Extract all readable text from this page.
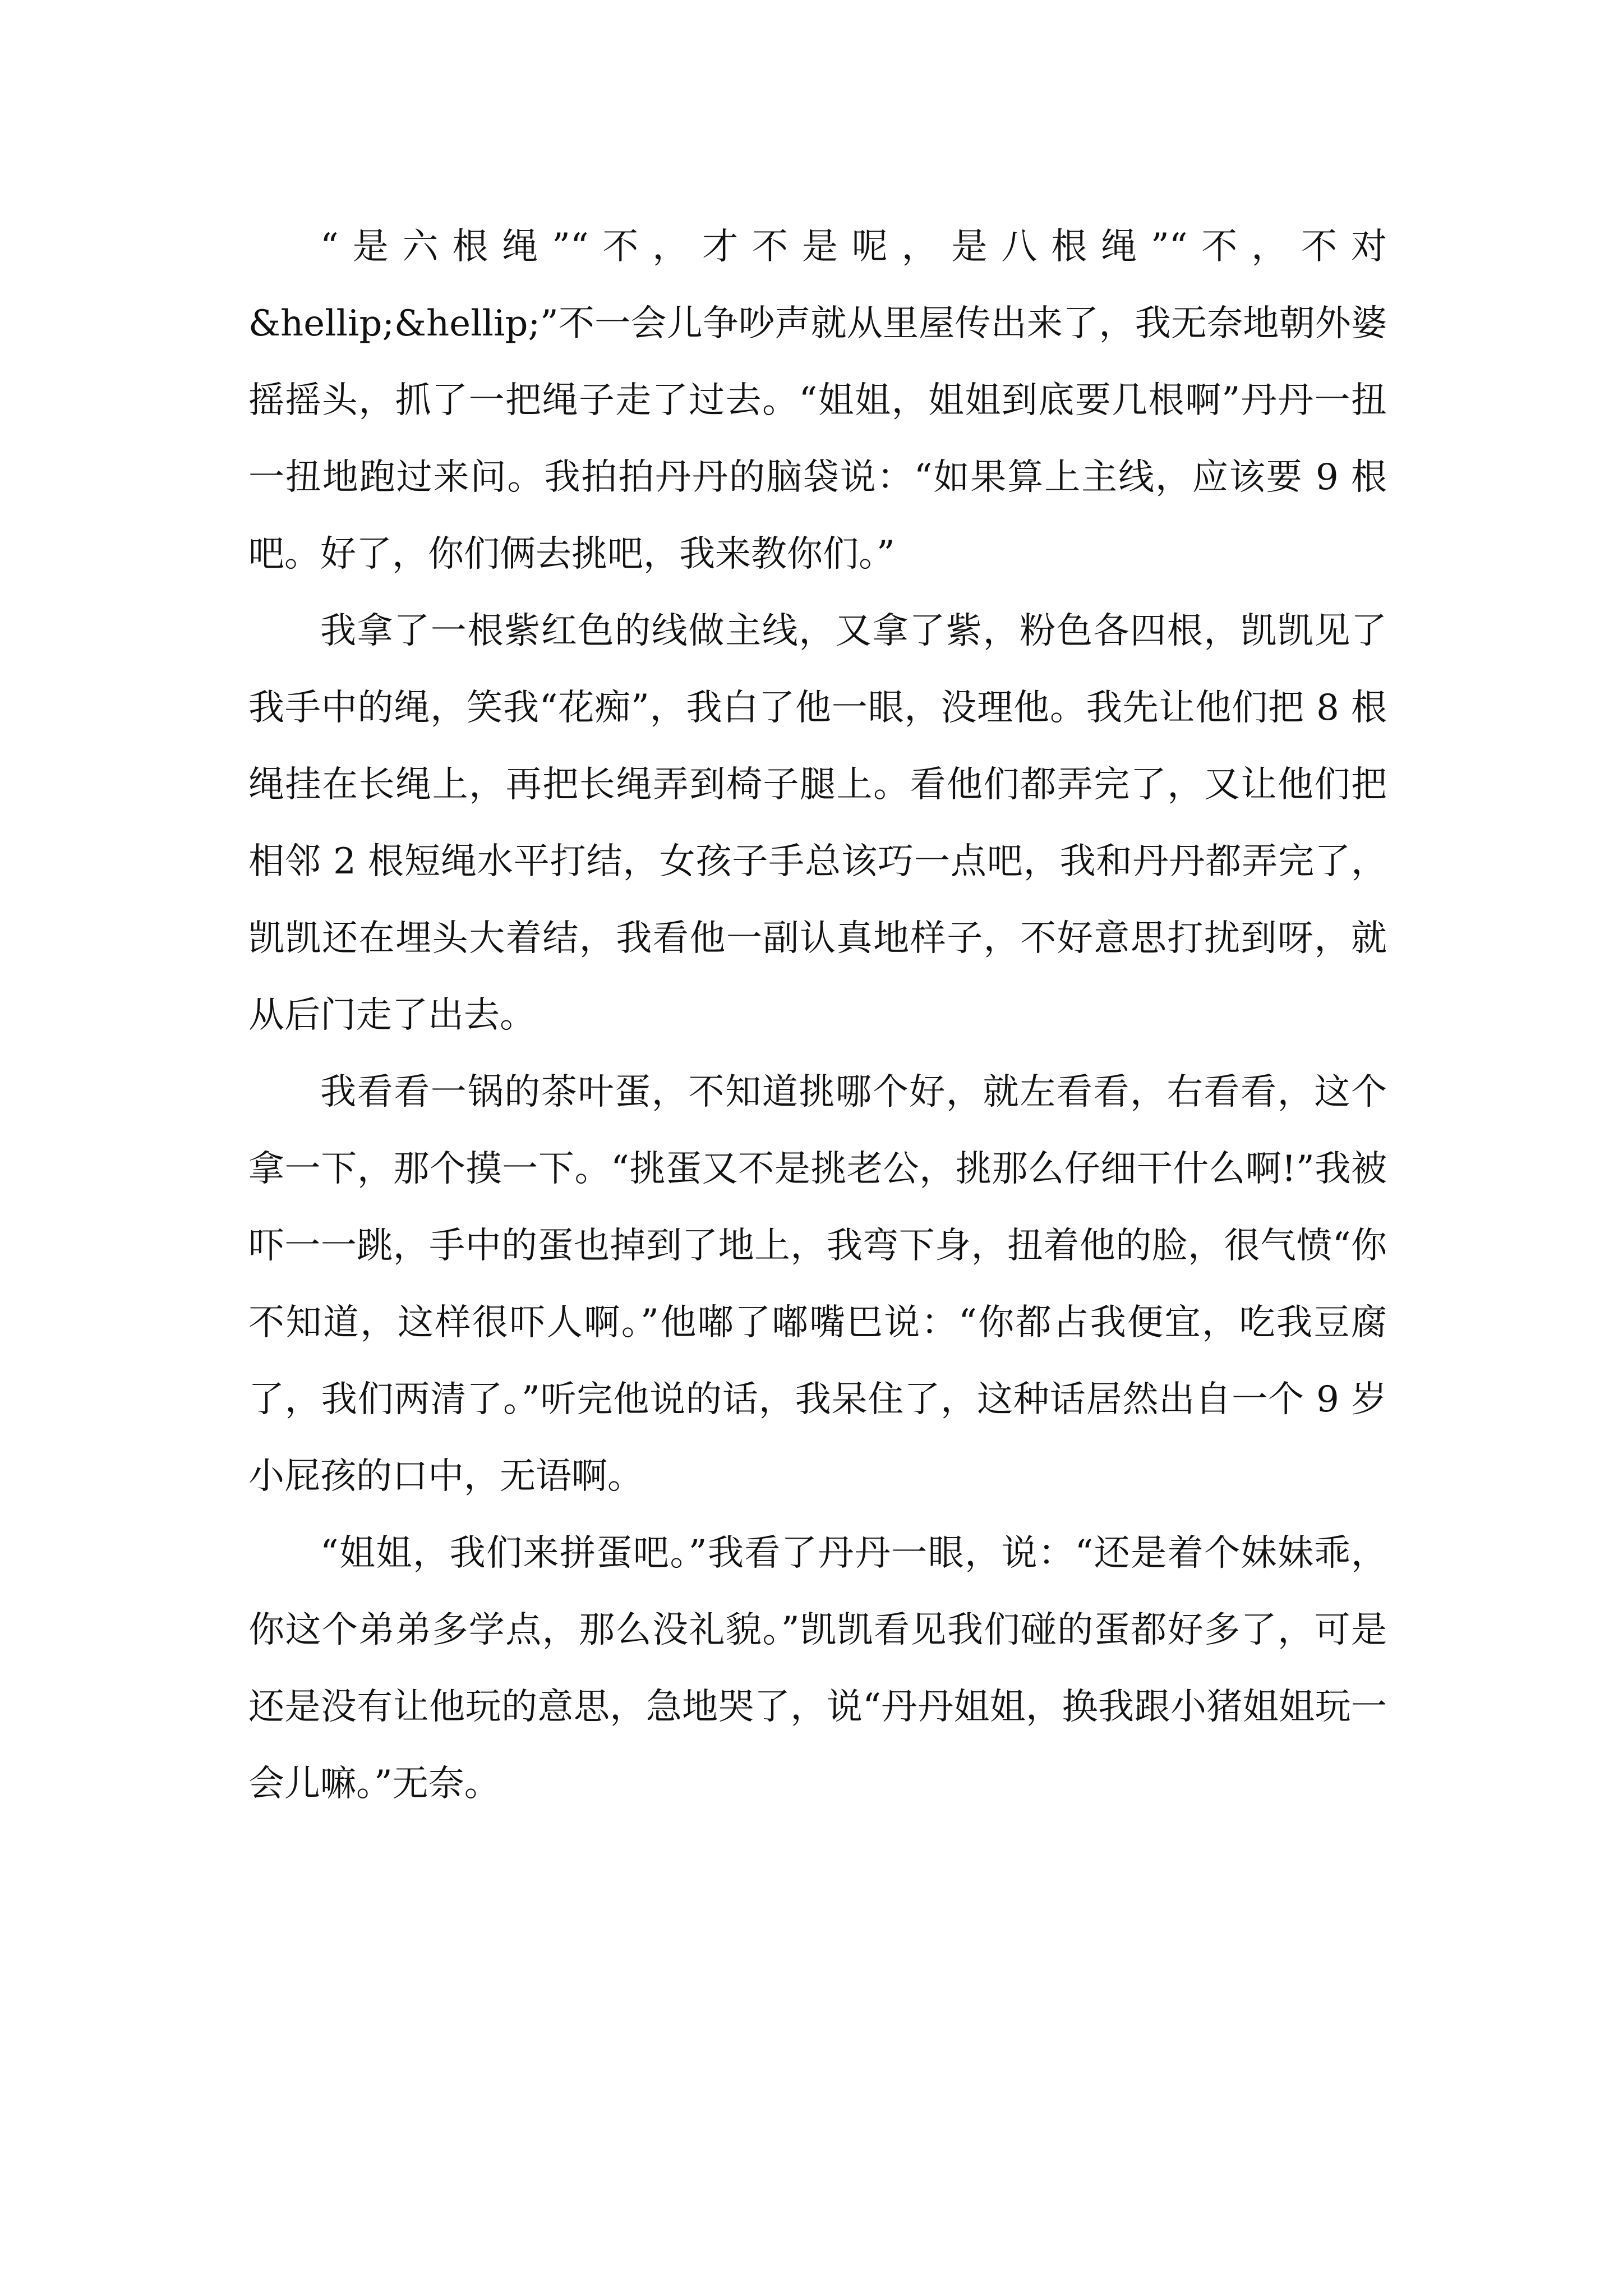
“是六根绳”“不，才不是呢，是八根绳”“不，不对&hellip;&hellip;”不一会儿争吵声就从里屋传出来了，我无奈地朝外婆摇摇头，抓了一把绳子走了过去。“姐姐，姐姐到底要几根啊”丹丹一扭一扭地跑过来问。我拍拍丹丹的脑袋说：“如果算上主线，应该要 9 根吧。好了，你们俩去挑吧，我来教你们。”

我拿了一根紫红色的线做主线，又拿了紫，粉色各四根，凯凯见了我手中的绳，笑我“花痴”，我白了他一眼，没理他。我先让他们把 8 根绳挂在长绳上，再把长绳弄到椅子腿上。看他们都弄完了，又让他们把相邻 2 根短绳水平打结，女孩子手总该巧一点吧，我和丹丹都弄完了，凯凯还在埋头大着结，我看他一副认真地样子，不好意思打扰到呀，就从后门走了出去。

我看看一锅的茶叶蛋，不知道挑哪个好，就左看看，右看看，这个拿一下，那个摸一下。“挑蛋又不是挑老公，挑那么仔细干什么啊!”我被吓一一跳，手中的蛋也掉到了地上，我弯下身，扭着他的脸，很气愤“你不知道，这样很吓人啊。”他嘟了嘟嘴巴说：“你都占我便宜，吃我豆腐了，我们两清了。”听完他说的话，我呆住了，这种话居然出自一个 9 岁小屁孩的口中，无语啊。

“姐姐，我们来拼蛋吧。”我看了丹丹一眼，说：“还是着个妹妹乖，你这个弟弟多学点，那么没礼貌。”凯凯看见我们碰的蛋都好多了，可是还是没有让他玩的意思，急地哭了，说“丹丹姐姐，换我跟小猪姐姐玩一会儿嘛。”无奈。
